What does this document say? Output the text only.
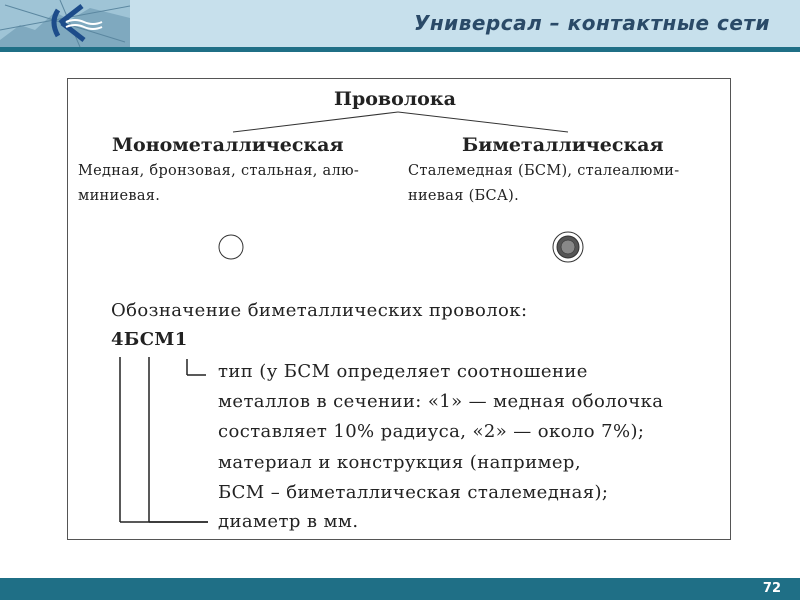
Универсал – контактные сети
Проволока
Монометаллическая
Медная, бронзовая, стальная, алю-
миниевая.
Биметаллическая
Сталемедная (БСМ), сталеалюми-
ниевая (БСА).
Обозначение биметаллических проволок:
4БСМ1
тип (у БСМ определяет соотношение
металлов в сечении: «1» — медная оболочка
составляет 10% радиуса, «2» — около 7%);
материал и конструкция (например,
БСМ – биметаллическая сталемедная);
диаметр в мм.
72
